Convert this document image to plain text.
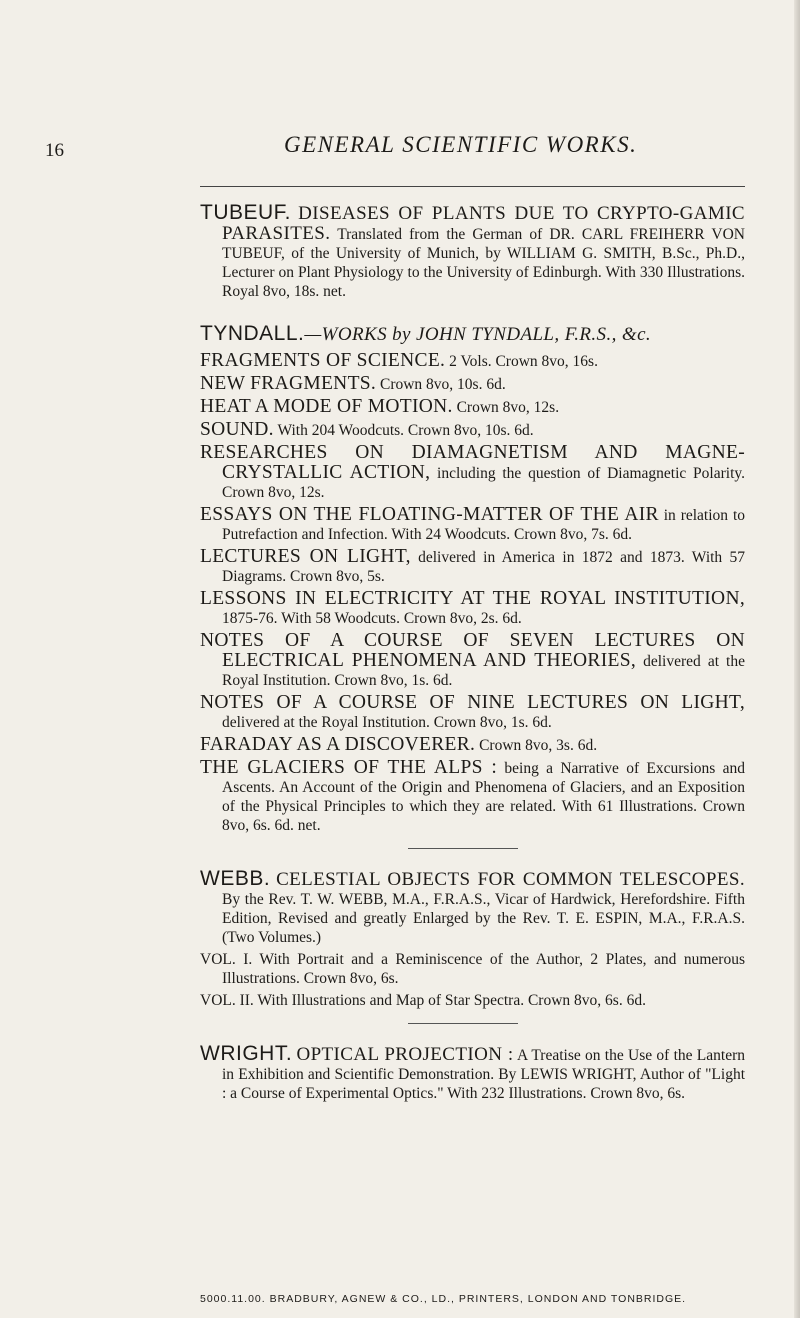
16	GENERAL SCIENTIFIC WORKS.
TUBEUF. DISEASES OF PLANTS DUE TO CRYPTO-GAMIC PARASITES. Translated from the German of DR. CARL FREIHERR VON TUBEUF, of the University of Munich, by WILLIAM G. SMITH, B.Sc., Ph.D., Lecturer on Plant Physiology to the University of Edinburgh. With 330 Illustrations. Royal 8vo, 18s. net.
TYNDALL.—WORKS by JOHN TYNDALL, F.R.S., &c.
FRAGMENTS OF SCIENCE. 2 Vols. Crown 8vo, 16s.
NEW FRAGMENTS. Crown 8vo, 10s. 6d.
HEAT A MODE OF MOTION. Crown 8vo, 12s.
SOUND. With 204 Woodcuts. Crown 8vo, 10s. 6d.
RESEARCHES ON DIAMAGNETISM AND MAGNE-CRYSTALLIC ACTION, including the question of Diamagnetic Polarity. Crown 8vo, 12s.
ESSAYS ON THE FLOATING-MATTER OF THE AIR in relation to Putrefaction and Infection. With 24 Woodcuts. Crown 8vo, 7s. 6d.
LECTURES ON LIGHT, delivered in America in 1872 and 1873. With 57 Diagrams. Crown 8vo, 5s.
LESSONS IN ELECTRICITY AT THE ROYAL INSTITUTION, 1875-76. With 58 Woodcuts. Crown 8vo, 2s. 6d.
NOTES OF A COURSE OF SEVEN LECTURES ON ELECTRICAL PHENOMENA AND THEORIES, delivered at the Royal Institution. Crown 8vo, 1s. 6d.
NOTES OF A COURSE OF NINE LECTURES ON LIGHT, delivered at the Royal Institution. Crown 8vo, 1s. 6d.
FARADAY AS A DISCOVERER. Crown 8vo, 3s. 6d.
THE GLACIERS OF THE ALPS : being a Narrative of Excursions and Ascents. An Account of the Origin and Phenomena of Glaciers, and an Exposition of the Physical Principles to which they are related. With 61 Illustrations. Crown 8vo, 6s. 6d. net.
WEBB. CELESTIAL OBJECTS FOR COMMON TELESCOPES. By the Rev. T. W. WEBB, M.A., F.R.A.S., Vicar of Hardwick, Herefordshire. Fifth Edition, Revised and greatly Enlarged by the Rev. T. E. ESPIN, M.A., F.R.A.S. (Two Volumes.)
VOL. I. With Portrait and a Reminiscence of the Author, 2 Plates, and numerous Illustrations. Crown 8vo, 6s.
VOL. II. With Illustrations and Map of Star Spectra. Crown 8vo, 6s. 6d.
WRIGHT. OPTICAL PROJECTION : A Treatise on the Use of the Lantern in Exhibition and Scientific Demonstration. By LEWIS WRIGHT, Author of "Light : a Course of Experimental Optics." With 232 Illustrations. Crown 8vo, 6s.
5000.11.00. BRADBURY, AGNEW & CO., LD., PRINTERS, LONDON AND TONBRIDGE.
